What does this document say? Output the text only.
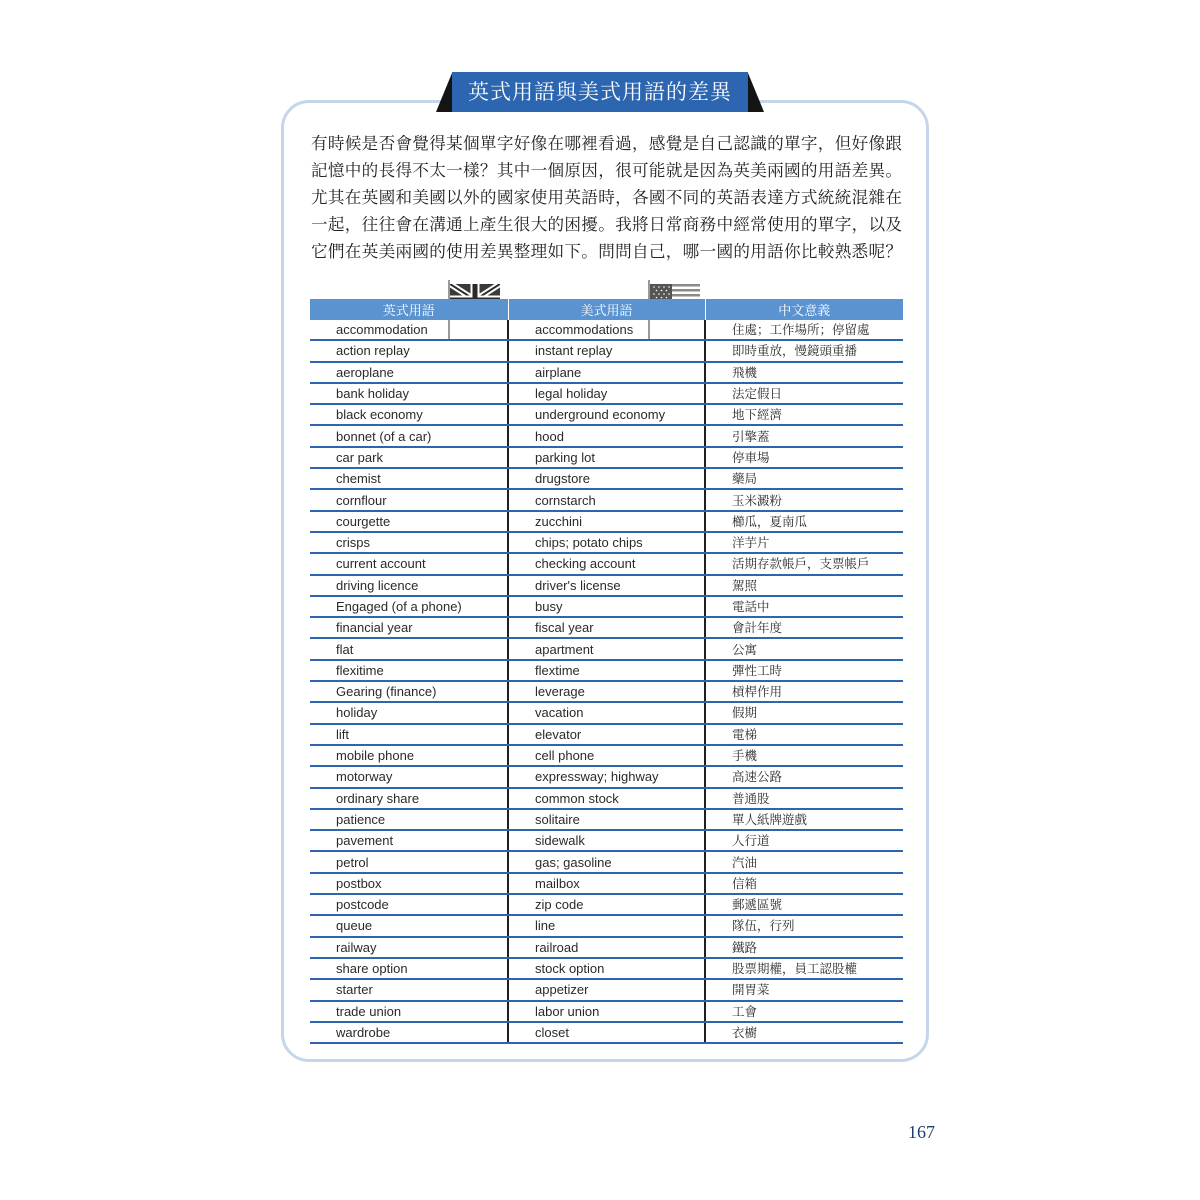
英式用語與美式用語的差異

有時候是否會覺得某個單字好像在哪裡看過，感覺是自己認識的單字，但好像跟

記憶中的長得不太一樣？其中一個原因，很可能就是因為英美兩國的用語差異。

尤其在英國和美國以外的國家使用英語時，各國不同的英語表達方式統統混雜在

一起，往往會在溝通上產生很大的困擾。我將日常商務中經常使用的單字，以及

它們在英美兩國的使用差異整理如下。問問自己，哪一國的用語你比較熟悉呢？

英式用語	美式用語	中文意義
accommodation	accommodations	住處；工作場所；停留處
action replay	instant replay	即時重放，慢鏡頭重播
aeroplane	airplane	飛機
bank holiday	legal holiday	法定假日
black economy	underground economy	地下經濟
bonnet (of a car)	hood	引擎蓋
car park	parking lot	停車場
chemist	drugstore	藥局
cornflour	cornstarch	玉米澱粉
courgette	zucchini	櫛瓜，夏南瓜
crisps	chips; potato chips	洋芋片
current account	checking account	活期存款帳戶，支票帳戶
driving licence	driver's license	駕照
Engaged (of a phone)	busy	電話中
financial year	fiscal year	會計年度
flat	apartment	公寓
flexitime	flextime	彈性工時
Gearing (finance)	leverage	槓桿作用
holiday	vacation	假期
lift	elevator	電梯
mobile phone	cell phone	手機
motorway	expressway; highway	高速公路
ordinary share	common stock	普通股
patience	solitaire	單人紙牌遊戲
pavement	sidewalk	人行道
petrol	gas; gasoline	汽油
postbox	mailbox	信箱
postcode	zip code	郵遞區號
queue	line	隊伍，行列
railway	railroad	鐵路
share option	stock option	股票期權，員工認股權
starter	appetizer	開胃菜
trade union	labor union	工會
wardrobe	closet	衣櫥
167
